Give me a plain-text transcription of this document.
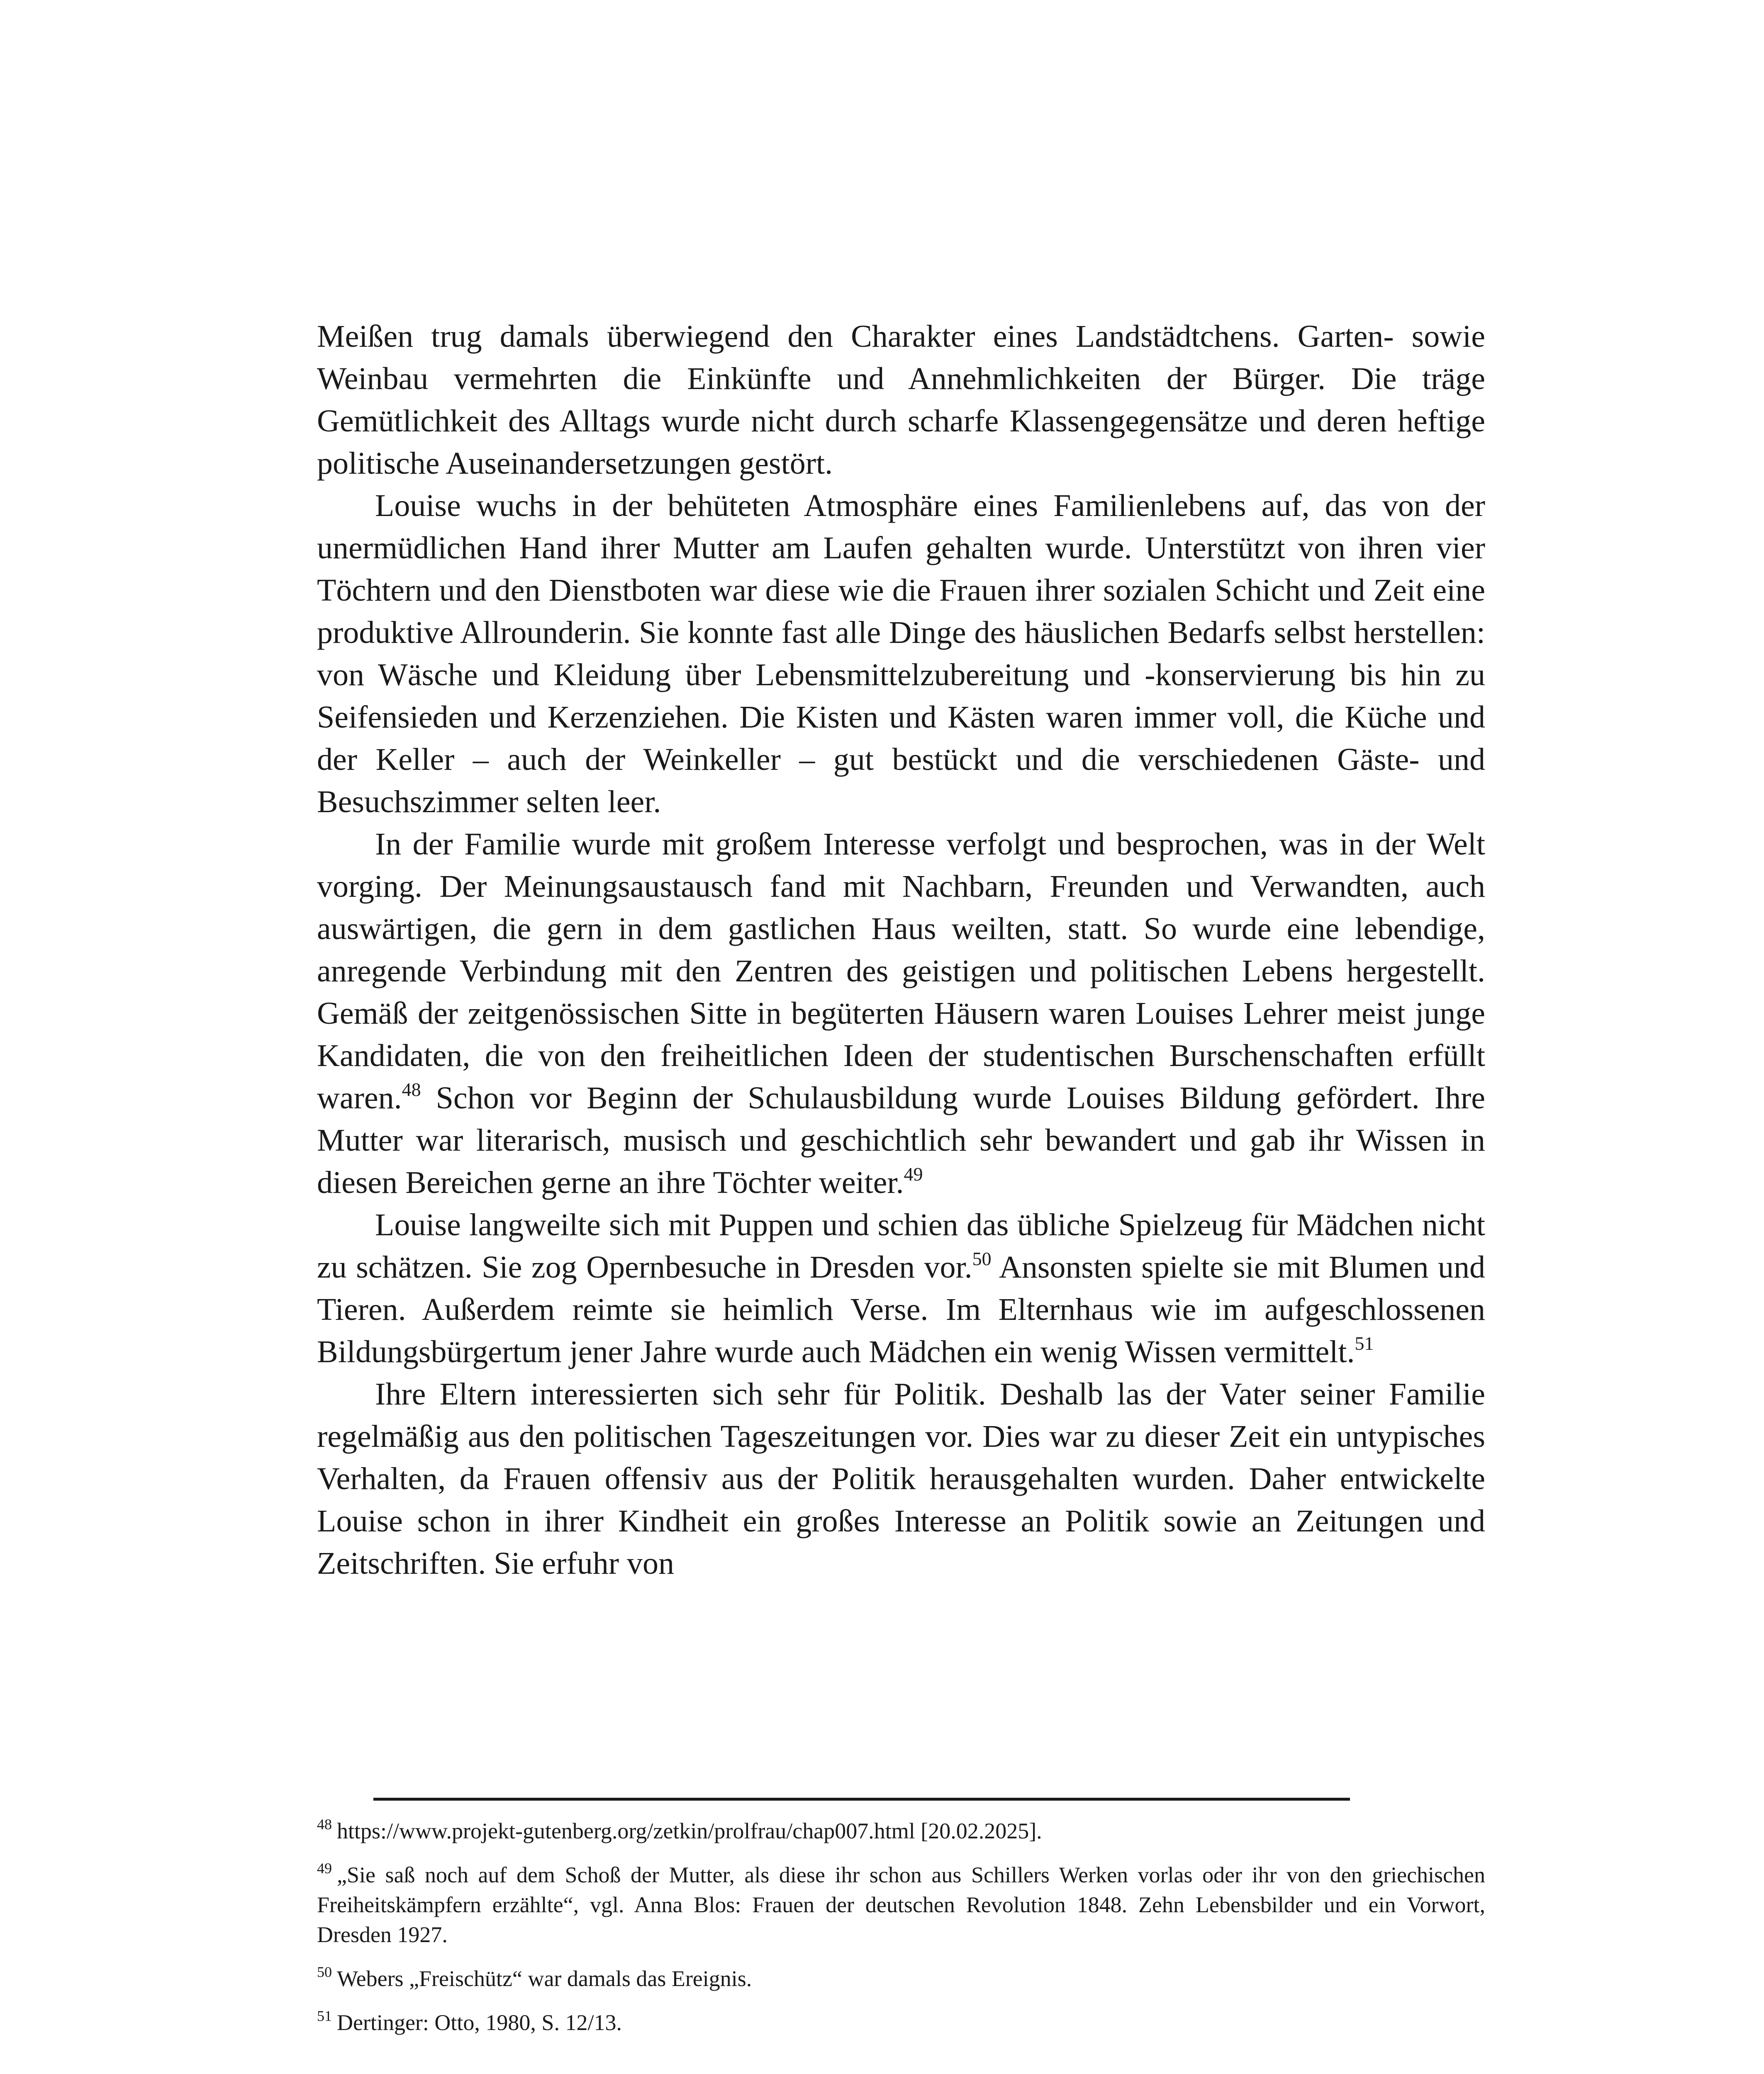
Meißen trug damals überwiegend den Charakter eines Landstädtchens. Garten- sowie Weinbau vermehrten die Einkünfte und Annehmlichkeiten der Bürger. Die träge Gemütlichkeit des Alltags wurde nicht durch scharfe Klassengegensätze und deren heftige politische Auseinandersetzungen gestört.

Louise wuchs in der behüteten Atmosphäre eines Familienlebens auf, das von der unermüdlichen Hand ihrer Mutter am Laufen gehalten wurde. Unterstützt von ihren vier Töchtern und den Dienstboten war diese wie die Frauen ihrer sozialen Schicht und Zeit eine produktive Allrounderin. Sie konnte fast alle Dinge des häuslichen Bedarfs selbst herstellen: von Wäsche und Kleidung über Lebensmittelzubereitung und -konservierung bis hin zu Seifensieden und Kerzenziehen. Die Kisten und Kästen waren immer voll, die Küche und der Keller – auch der Weinkeller – gut bestückt und die verschiedenen Gäste- und Besuchszimmer selten leer.

In der Familie wurde mit großem Interesse verfolgt und besprochen, was in der Welt vorging. Der Meinungsaustausch fand mit Nachbarn, Freunden und Verwandten, auch auswärtigen, die gern in dem gastlichen Haus weilten, statt. So wurde eine lebendige, anregende Verbindung mit den Zentren des geistigen und politischen Lebens hergestellt. Gemäß der zeitgenössischen Sitte in begüterten Häusern waren Louises Lehrer meist junge Kandidaten, die von den freiheitlichen Ideen der studentischen Burschenschaften erfüllt waren.$^{48}$ Schon vor Beginn der Schulausbildung wurde Louises Bildung gefördert. Ihre Mutter war literarisch, musisch und geschichtlich sehr bewandert und gab ihr Wissen in diesen Bereichen gerne an ihre Töchter weiter.$^{49}$

Louise langweilte sich mit Puppen und schien das übliche Spielzeug für Mädchen nicht zu schätzen. Sie zog Opernbesuche in Dresden vor.$^{50}$ Ansonsten spielte sie mit Blumen und Tieren. Außerdem reimte sie heimlich Verse. Im Elternhaus wie im aufgeschlossenen Bildungsbürgertum jener Jahre wurde auch Mädchen ein wenig Wissen vermittelt.$^{51}$

Ihre Eltern interessierten sich sehr für Politik. Deshalb las der Vater seiner Familie regelmäßig aus den politischen Tageszeitungen vor. Dies war zu dieser Zeit ein untypisches Verhalten, da Frauen offensiv aus der Politik herausgehalten wurden. Daher entwickelte Louise schon in ihrer Kindheit ein großes Interesse an Politik sowie an Zeitungen und Zeitschriften. Sie erfuhr von

$^{48}$ https://www.projekt-gutenberg.org/zetkin/prolfrau/chap007.html [20.02.2025].

$^{49}$ „Sie saß noch auf dem Schoß der Mutter, als diese ihr schon aus Schillers Werken vorlas oder ihr von den griechischen Freiheitskämpfern erzählte“, vgl. Anna Blos: Frauen der deutschen Revolution 1848. Zehn Lebensbilder und ein Vorwort, Dresden 1927.

$^{50}$ Webers „Freischütz“ war damals das Ereignis.

$^{51}$ Dertinger: Otto, 1980, S. 12/13.
